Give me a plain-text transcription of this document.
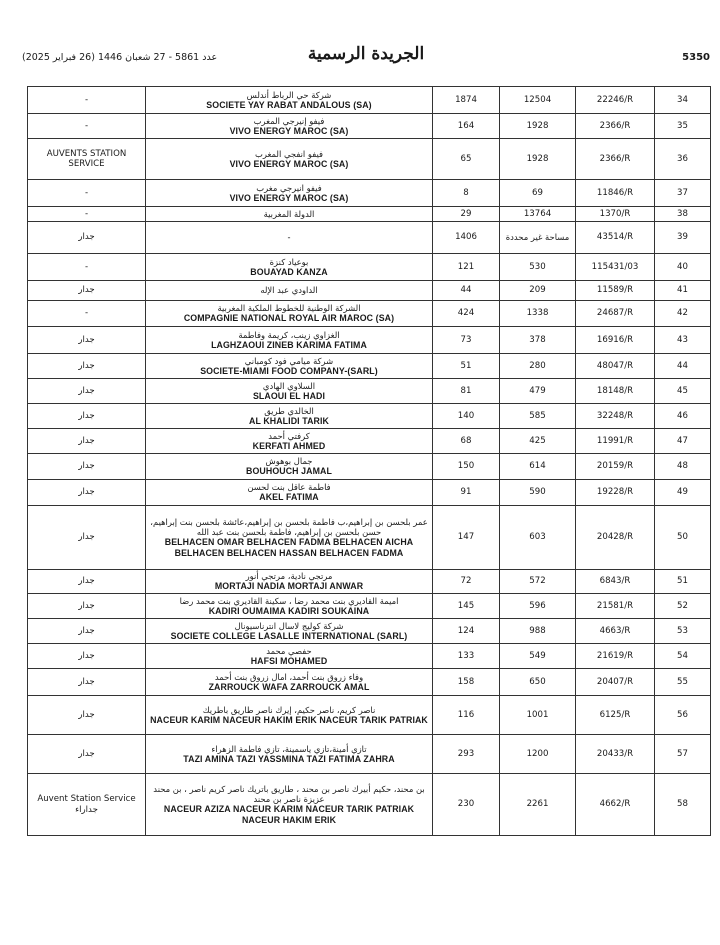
عدد 5861 - 27 شعبان 1446 (26 فبراير 2025)	الجريدة الرسمية	5350
-	شركة حي الرباط أندلس
SOCIETE YAY RABAT ANDALOUS (SA)	1874	12504	22246/R	34

-	فيفو إنيرجي المغرب
VIVO ENERGY MAROC (SA)	164	1928	2366/R	35

AUVENTS STATION SERVICE	فيفو انفجي المغرب
VIVO ENERGY MAROC (SA)	65	1928	2366/R	36

-	فيفو انيرجي مغرب
VIVO ENERGY MAROC (SA)	8	69	11846/R	37

-	الدولة المغربية	29	13764	1370/R	38

جدار	-	1406	مساحة غير محددة	43514/R	39

-	بوعياد كنزة
BOUAYAD KANZA	121	530	115431/03	40

جدار	الداودي عبد الإله	44	209	11589/R	41

-	الشركة الوطنية للخطوط الملكية المغربية
COMPAGNIE NATIONAL ROYAL AIR MAROC (SA)	424	1338	24687/R	42

جدار	الغزاوي زينب، كريمة وفاطمة
LAGHZAOUI ZINEB KARIMA FATIMA	73	378	16916/R	43

جدار	شركة ميامي فود كومباني
SOCIETE-MIAMI FOOD COMPANY-(SARL)	51	280	48047/R	44

جدار	السلاوي الهادي
SLAOUI EL HADI	81	479	18148/R	45

جدار	الخالدي طريق
AL KHALIDI TARIK	140	585	32248/R	46

جدار	كرفتي أحمد
KERFATI AHMED	68	425	11991/R	47

جدار	جمال بوهوش
BOUHOUCH JAMAL	150	614	20159/R	48

جدار	فاطمة عاقل بنت لحسن
AKEL FATIMA	91	590	19228/R	49

جدار	عمر بلحسن بن إبراهيم،ب فاطمة بلحسن بن إبراهيم،عائشة بلحسن بنت إبراهيم، حسن بلحسن بن إبراهيم، فاطمة بلحسن بنت عبد الله
BELHACEN OMAR BELHACEN FADMA BELHACEN AICHA BELHACEN BELHACEN HASSAN BELHACEN FADMA	147	603	20428/R	50

جدار	مرتجي نادية، مرتجي أنور
MORTAJI NADIA MORTAJI ANWAR	72	572	6843/R	51

جدار	اميمة القاديري بنت محمد رضا ، سكينة القاديري بنت محمد رضا
KADIRI OUMAIMA KADIRI SOUKAINA	145	596	21581/R	52

جدار	شركة كوليج لاسال انترناسيونال
SOCIETE COLLEGE LASALLE INTERNATIONAL (SARL)	124	988	4663/R	53

جدار	حفصي محمد
HAFSI MOHAMED	133	549	21619/R	54

جدار	وفاء زروق بنت أحمد، امال زروق بنت أحمد
ZARROUCK WAFA ZARROUCK AMAL	158	650	20407/R	55

جدار	ناصر كريم، ناصر حكيم، إيرك ناصر طاريق باطريك
NACEUR KARIM NACEUR HAKIM ERIK NACEUR TARIK PATRIAK	116	1001	6125/R	56

جدار	تازي أمينة،تازي ياسمينة، تازي فاطمة الزهراء
TAZI AMINA TAZI YASSMINA TAZI FATIMA ZAHRA	293	1200	20433/R	57

Auvent Station Service جداراء	بن محند، حكيم أبيرك ناصر بن محند ، طاريق باتريك ناصر كريم ناصر ، بن محند عزيزة ناصر بن محند
NACEUR AZIZA NACEUR KARIM NACEUR TARIK PATRIAK NACEUR HAKIM ERIK	230	2261	4662/R	58
